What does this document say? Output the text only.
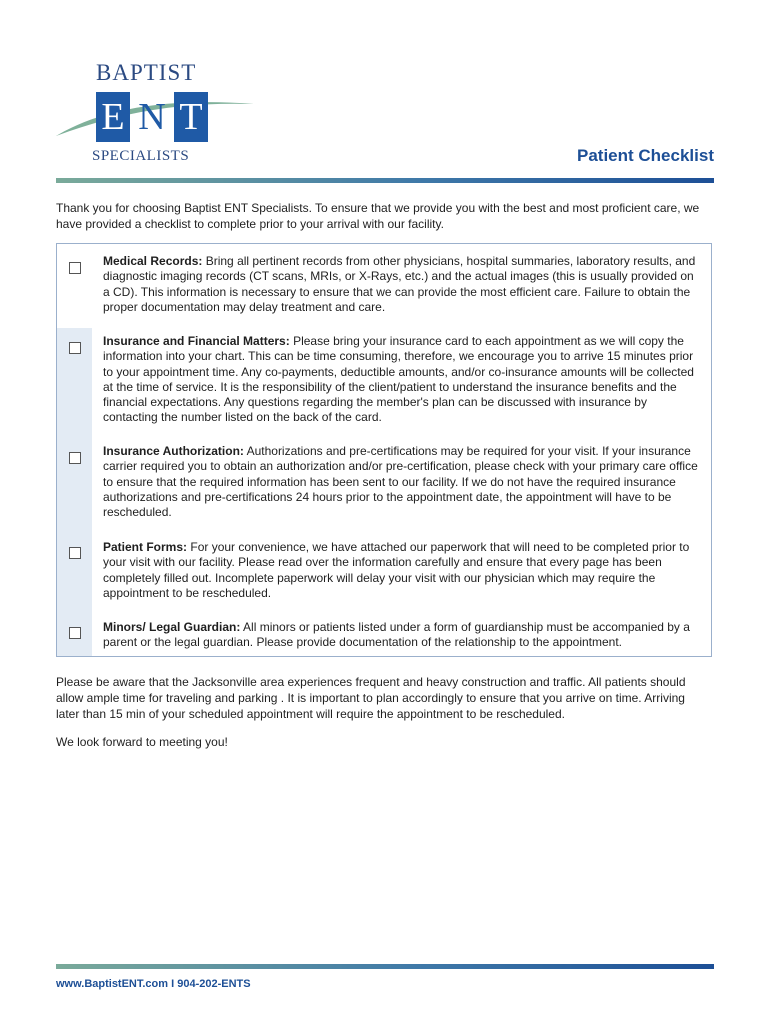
BAPTIST
E N T
SPECIALISTS	Patient Checklist

Thank you for choosing Baptist ENT Specialists. To ensure that we provide you with the best and most proficient care, we have provided a checklist to complete prior to your arrival with our facility.

Medical Records: Bring all pertinent records from other physicians, hospital summaries, laboratory results, and diagnostic imaging records (CT scans, MRIs, or X-Rays, etc.) and the actual images (this is usually provided on a CD). This information is necessary to ensure that we can provide the most efficient care. Failure to obtain the proper documentation may delay treatment and care.

Insurance and Financial Matters: Please bring your insurance card to each appointment as we will copy the information into your chart. This can be time consuming, therefore, we encourage you to arrive 15 minutes prior to your appointment time. Any co-payments, deductible amounts, and/or co-insurance amounts will be collected at the time of service. It is the responsibility of the client/patient to understand the insurance benefits and the financial expectations. Any questions regarding the member's plan can be discussed with insurance by contacting the number listed on the back of the card.

Insurance Authorization: Authorizations and pre-certifications may be required for your visit. If your insurance carrier required you to obtain an authorization and/or pre-certification, please check with your primary care office to ensure that the required information has been sent to our facility. If we do not have the required insurance authorizations and pre-certifications 24 hours prior to the appointment date, the appointment will have to be rescheduled.

Patient Forms: For your convenience, we have attached our paperwork that will need to be completed prior to your visit with our facility. Please read over the information carefully and ensure that every page has been completely filled out. Incomplete paperwork will delay your visit with our physician which may require the appointment to be rescheduled.

Minors/ Legal Guardian: All minors or patients listed under a form of guardianship must be accompanied by a parent or the legal guardian. Please provide documentation of the relationship to the appointment.

Please be aware that the Jacksonville area experiences frequent and heavy construction and traffic. All patients should allow ample time for traveling and parking . It is important to plan accordingly to ensure that you arrive on time. Arriving later than 15 min of your scheduled appointment will require the appointment to be rescheduled.

We look forward to meeting you!

www.BaptistENT.com I 904-202-ENTS
